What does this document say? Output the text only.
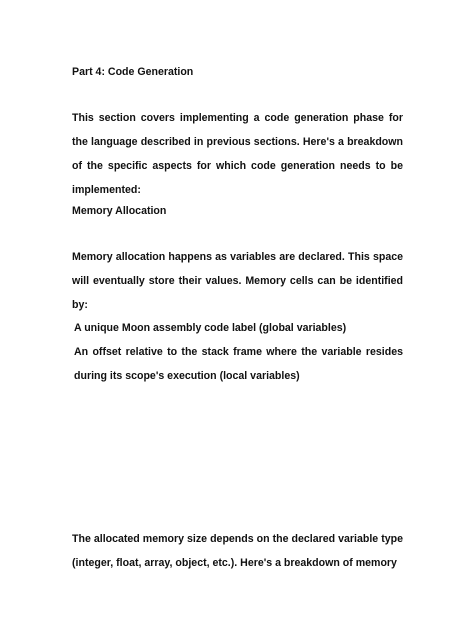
Part 4: Code Generation

This section covers implementing a code generation phase for the language described in previous sections. Here's a breakdown of the specific aspects for which code generation needs to be implemented:

Memory Allocation

Memory allocation happens as variables are declared. This space will eventually store their values. Memory cells can be identified by:

A unique Moon assembly code label (global variables)

An offset relative to the stack frame where the variable resides during its scope's execution (local variables)

The allocated memory size depends on the declared variable type (integer, float, array, object, etc.). Here's a breakdown of memory
